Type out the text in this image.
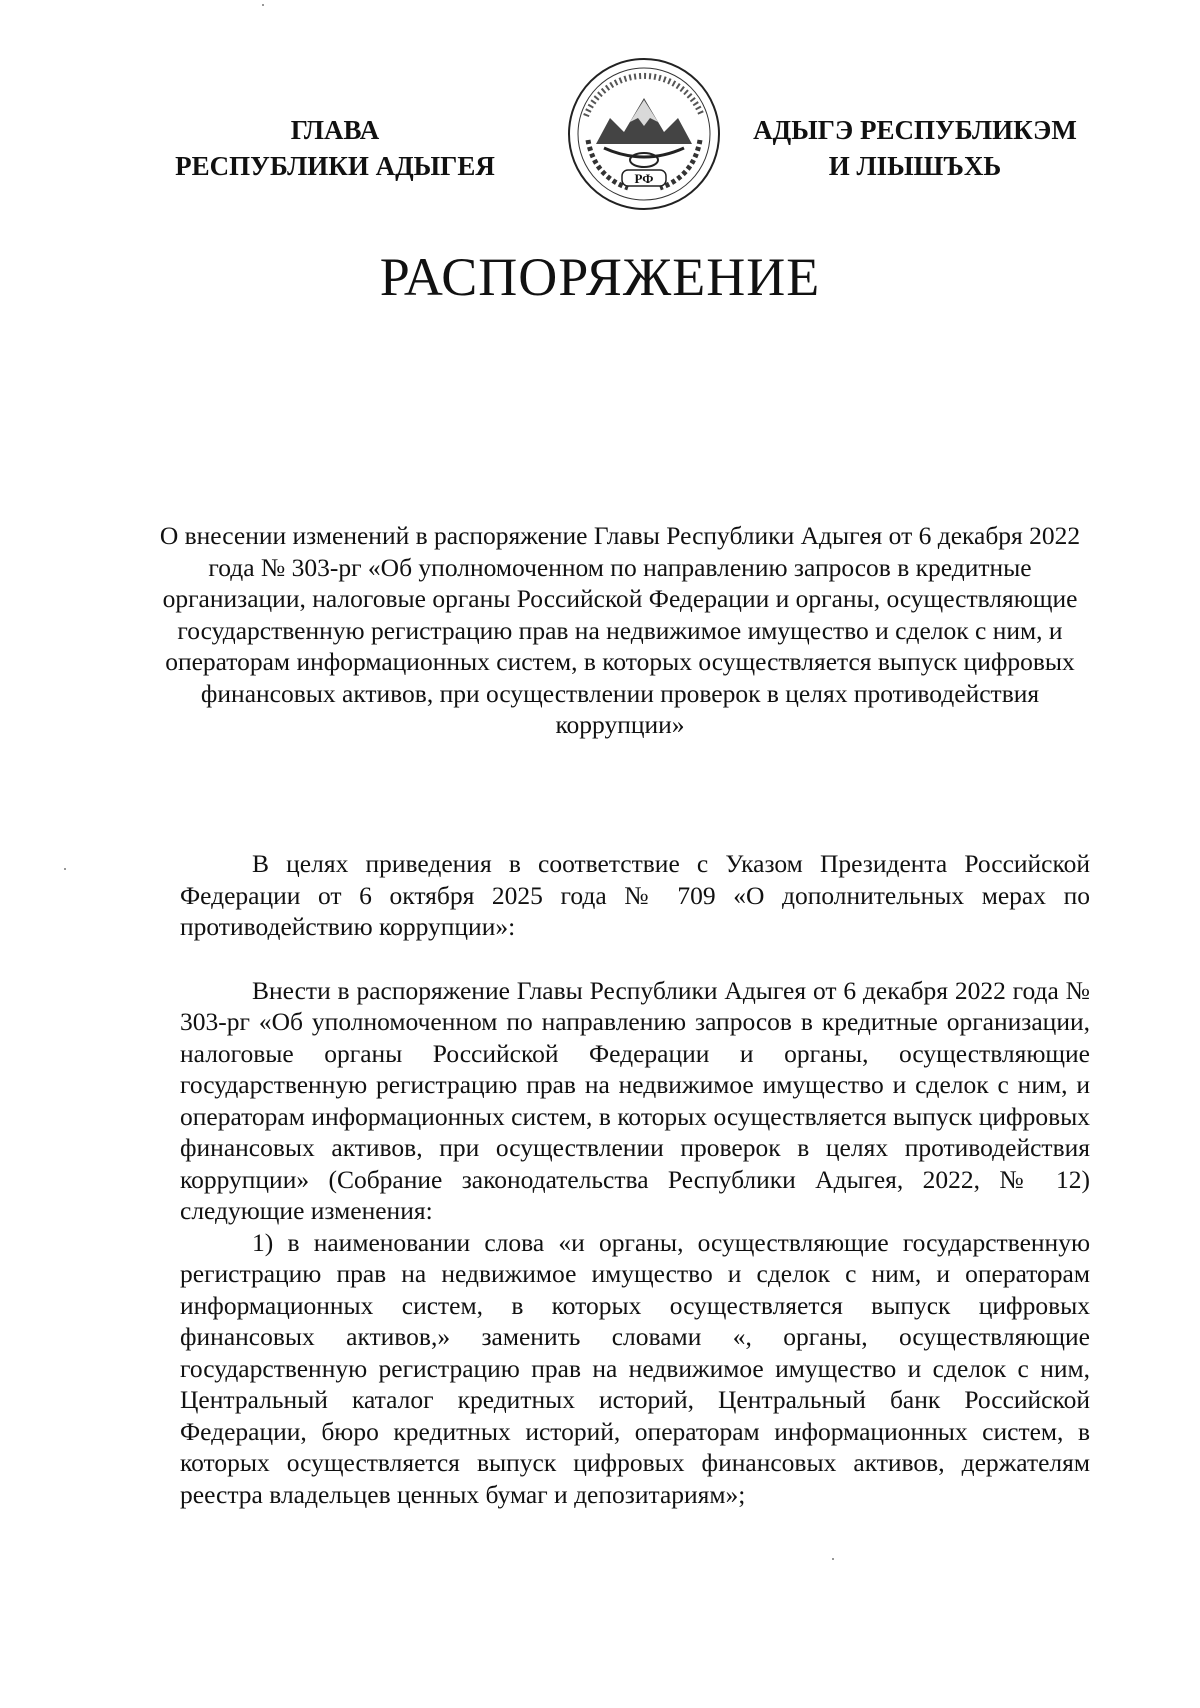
ГЛАВА
РЕСПУБЛИКИ АДЫГЕЯ	РФ
АДЫГЭ РЕСПУБЛИКЭМ
И ЛІЫШЪХЬ
РАСПОРЯЖЕНИЕ
О внесении изменений в распоряжение Главы Республики Адыгея от 6 декабря 2022 года № 303-рг «Об уполномоченном по направлению запросов в кредитные организации, налоговые органы Российской Федерации и органы, осуществляющие государственную регистрацию прав на недвижимое имущество и сделок с ним, и операторам информационных систем, в которых осуществляется выпуск цифровых финансовых активов, при осуществлении проверок в целях противодействия коррупции»

В целях приведения в соответствие с Указом Президента Российской Федерации от 6 октября 2025 года № 709 «О дополнительных мерах по противодействию коррупции»:

Внести в распоряжение Главы Республики Адыгея от 6 декабря 2022 года № 303-рг «Об уполномоченном по направлению запросов в кредитные организации, налоговые органы Российской Федерации и органы, осуществляющие государственную регистрацию прав на недвижимое имущество и сделок с ним, и операторам информационных систем, в которых осуществляется выпуск цифровых финансовых активов, при осуществлении проверок в целях противодействия коррупции» (Собрание законодательства Республики Адыгея, 2022, № 12) следующие изменения:

1) в наименовании слова «и органы, осуществляющие государственную регистрацию прав на недвижимое имущество и сделок с ним, и операторам информационных систем, в которых осуществляется выпуск цифровых финансовых активов,» заменить словами «, органы, осуществляющие государственную регистрацию прав на недвижимое имущество и сделок с ним, Центральный каталог кредитных историй, Центральный банк Российской Федерации, бюро кредитных историй, операторам информационных систем, в которых осуществляется выпуск цифровых финансовых активов, держателям реестра владельцев ценных бумаг и депозитариям»;
